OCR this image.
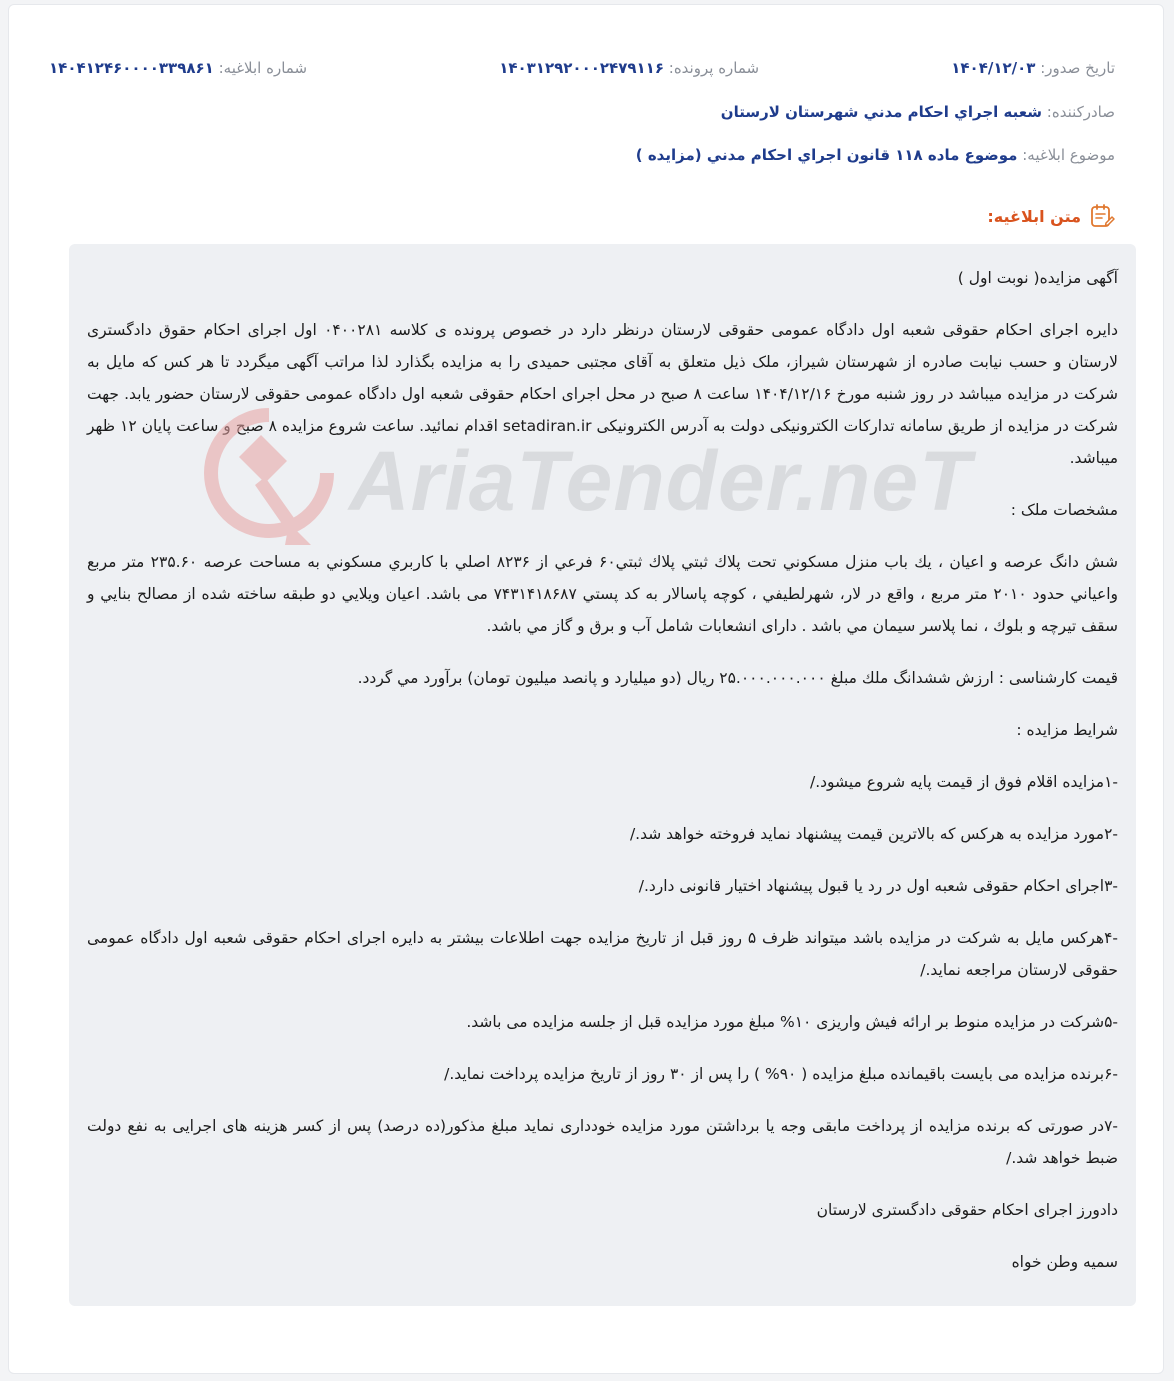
شماره ابلاغیه: ۱۴۰۴۱۲۴۶۰۰۰۰۳۳۹۸۶۱	شماره پرونده: ۱۴۰۳۱۲۹۲۰۰۰۲۴۷۹۱۱۶	تاریخ صدور: ۱۴۰۴/۱۲/۰۳
صادرکننده: شعبه اجراي احکام مدني شهرستان لارستان
موضوع ابلاغیه: موضوع ماده ۱۱۸ قانون اجراي احکام مدني (مزايده )
متن ابلاغیه:

آگهی مزایده( نوبت اول )

دایره اجرای احکام حقوقی شعبه اول دادگاه عمومی حقوقی لارستان درنظر دارد در خصوص پرونده ی کلاسه ۰۴۰۰۲۸۱ اول اجرای احکام حقوق دادگستری لارستان و حسب نیابت صادره از شهرستان شیراز، ملک ذیل متعلق به آقای مجتبی حمیدی را به مزایده بگذارد لذا مراتب آگهی میگردد تا هر کس که مایل به شرکت در مزایده میباشد در روز شنبه مورخ ۱۴۰۴/۱۲/۱۶ ساعت ۸ صبح در محل اجرای احکام حقوقی شعبه اول دادگاه عمومی حقوقی لارستان حضور یابد. جهت شرکت در مزایده از طریق سامانه تدارکات الکترونیکی دولت به آدرس الکترونیکی setadiran.ir اقدام نمائید. ساعت شروع مزایده ۸ صبح و ساعت پایان ۱۲ ظهر میباشد.

مشخصات ملک :

شش دانگ عرصه و اعیان ، يك باب منزل مسكوني تحت پلاك ثبتي پلاك ثبتي۶۰ فرعي از ۸۲۳۶ اصلي با كاربري مسكوني به مساحت عرصه ۲۳۵.۶۰ متر مربع واعياني حدود ۲۰۱۰ متر مربع ، واقع در لار، شهرلطيفي ، كوچه پاسالار به كد پستي ۷۴۳۱۴۱۸۶۸۷ مى باشد. اعيان ويلايي دو طبقه ساخته شده از مصالح بنايي و سقف تيرچه و بلوك ، نما پلاسر سيمان مي باشد . داراى انشعابات شامل آب و برق و گاز مي باشد.

قیمت کارشناسی : ارزش ششدانگ ملك مبلغ ۲۵.۰۰۰.۰۰۰.۰۰۰ ريال (دو ميليارد و پانصد ميليون تومان) برآورد مي گردد.

شرایط مزایده :

-۱مزایده اقلام فوق از قیمت پایه شروع میشود./

-۲مورد مزایده به هرکس که بالاترین قیمت پیشنهاد نماید فروخته خواهد شد./

-۳اجرای احکام حقوقی شعبه اول در رد یا قبول پیشنهاد اختیار قانونی دارد./

-۴هرکس مایل به شرکت در مزایده باشد میتواند ظرف ۵ روز قبل از تاریخ مزایده جهت اطلاعات بیشتر به دایره اجرای احکام حقوقی شعبه اول دادگاه عمومی حقوقی لارستان مراجعه نماید./

-۵شرکت در مزایده منوط بر ارائه فیش واریزی ۱۰% مبلغ مورد مزایده قبل از جلسه مزایده می باشد.

-۶برنده مزایده می بایست باقیمانده مبلغ مزایده ( ۹۰% ) را پس از ۳۰ روز از تاریخ مزایده پرداخت نماید./

-۷در صورتی که برنده مزایده از پرداخت مابقی وجه یا برداشتن مورد مزایده خودداری نماید مبلغ مذکور(ده درصد) پس از کسر هزینه های اجرایی به نفع دولت ضبط خواهد شد./

دادورز اجرای احکام حقوقی دادگستری لارستان

سمیه وطن خواه

AriaTender.neT
